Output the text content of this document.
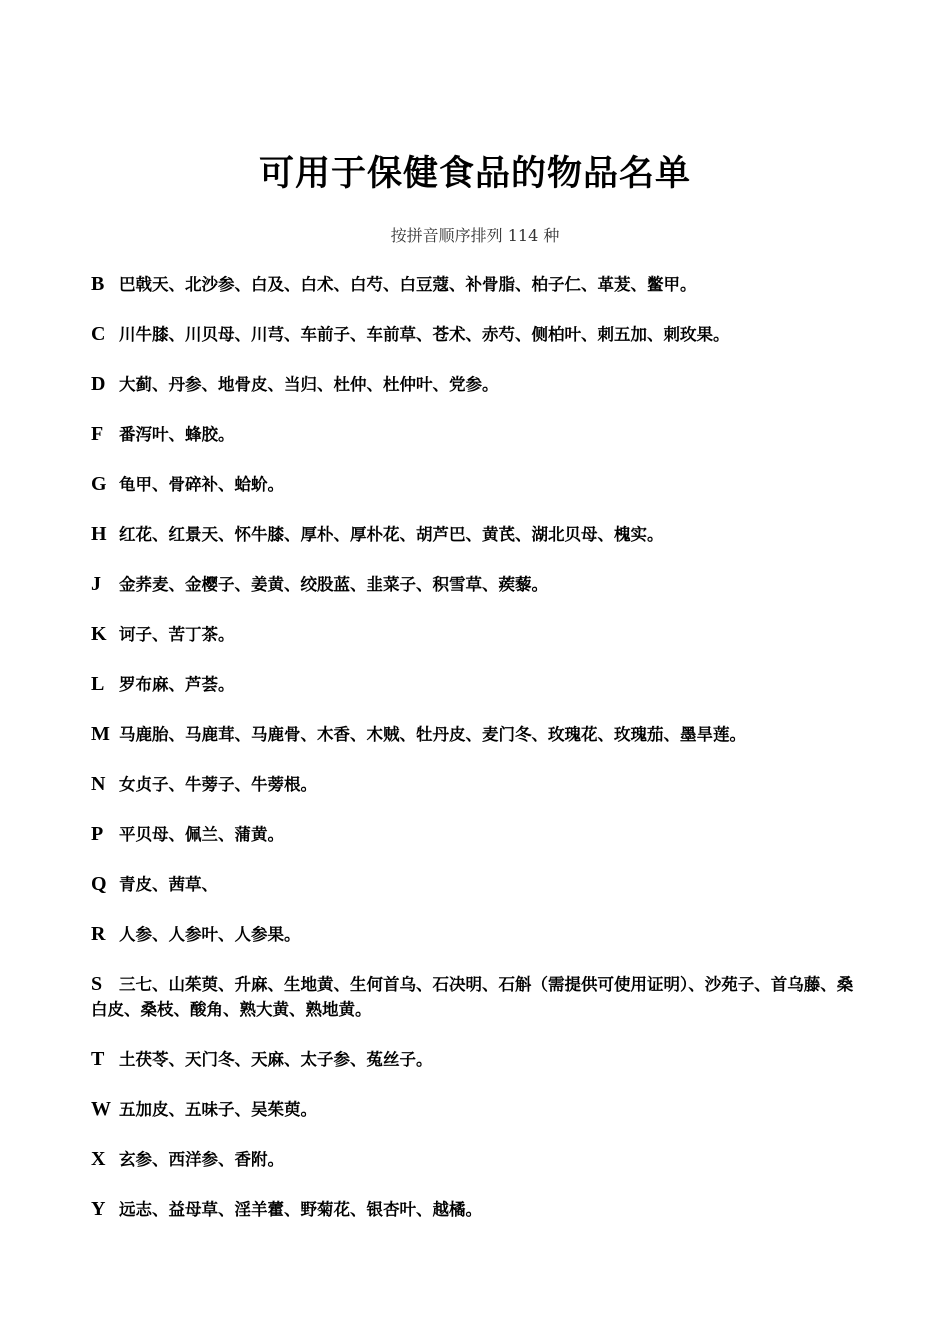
可用于保健食品的物品名单
按拼音顺序排列 114 种
B 巴戟天、北沙参、白及、白术、白芍、白豆蔻、补骨脂、柏子仁、革茇、鳖甲。
C 川牛膝、川贝母、川芎、车前子、车前草、苍术、赤芍、侧柏叶、刺五加、刺玫果。
D 大蓟、丹参、地骨皮、当归、杜仲、杜仲叶、党参。
F 番泻叶、蜂胶。
G 龟甲、骨碎补、蛤蚧。
H 红花、红景天、怀牛膝、厚朴、厚朴花、胡芦巴、黄芪、湖北贝母、槐实。
J 金荞麦、金樱子、姜黄、绞股蓝、韭菜子、积雪草、蒺藜。
K 诃子、苦丁茶。
L 罗布麻、芦荟。
M 马鹿胎、马鹿茸、马鹿骨、木香、木贼、牡丹皮、麦门冬、玫瑰花、玫瑰茄、墨旱莲。
N 女贞子、牛蒡子、牛蒡根。
P 平贝母、佩兰、蒲黄。
Q 青皮、茜草、
R 人参、人参叶、人参果。
S 三七、山茱萸、升麻、生地黄、生何首乌、石决明、石斛（需提供可使用证明）、沙苑子、首乌藤、桑白皮、桑枝、酸角、熟大黄、熟地黄。
T 土茯苓、天门冬、天麻、太子参、菟丝子。
W 五加皮、五味子、吴茱萸。
X 玄参、西洋参、香附。
Y 远志、益母草、淫羊藿、野菊花、银杏叶、越橘。
